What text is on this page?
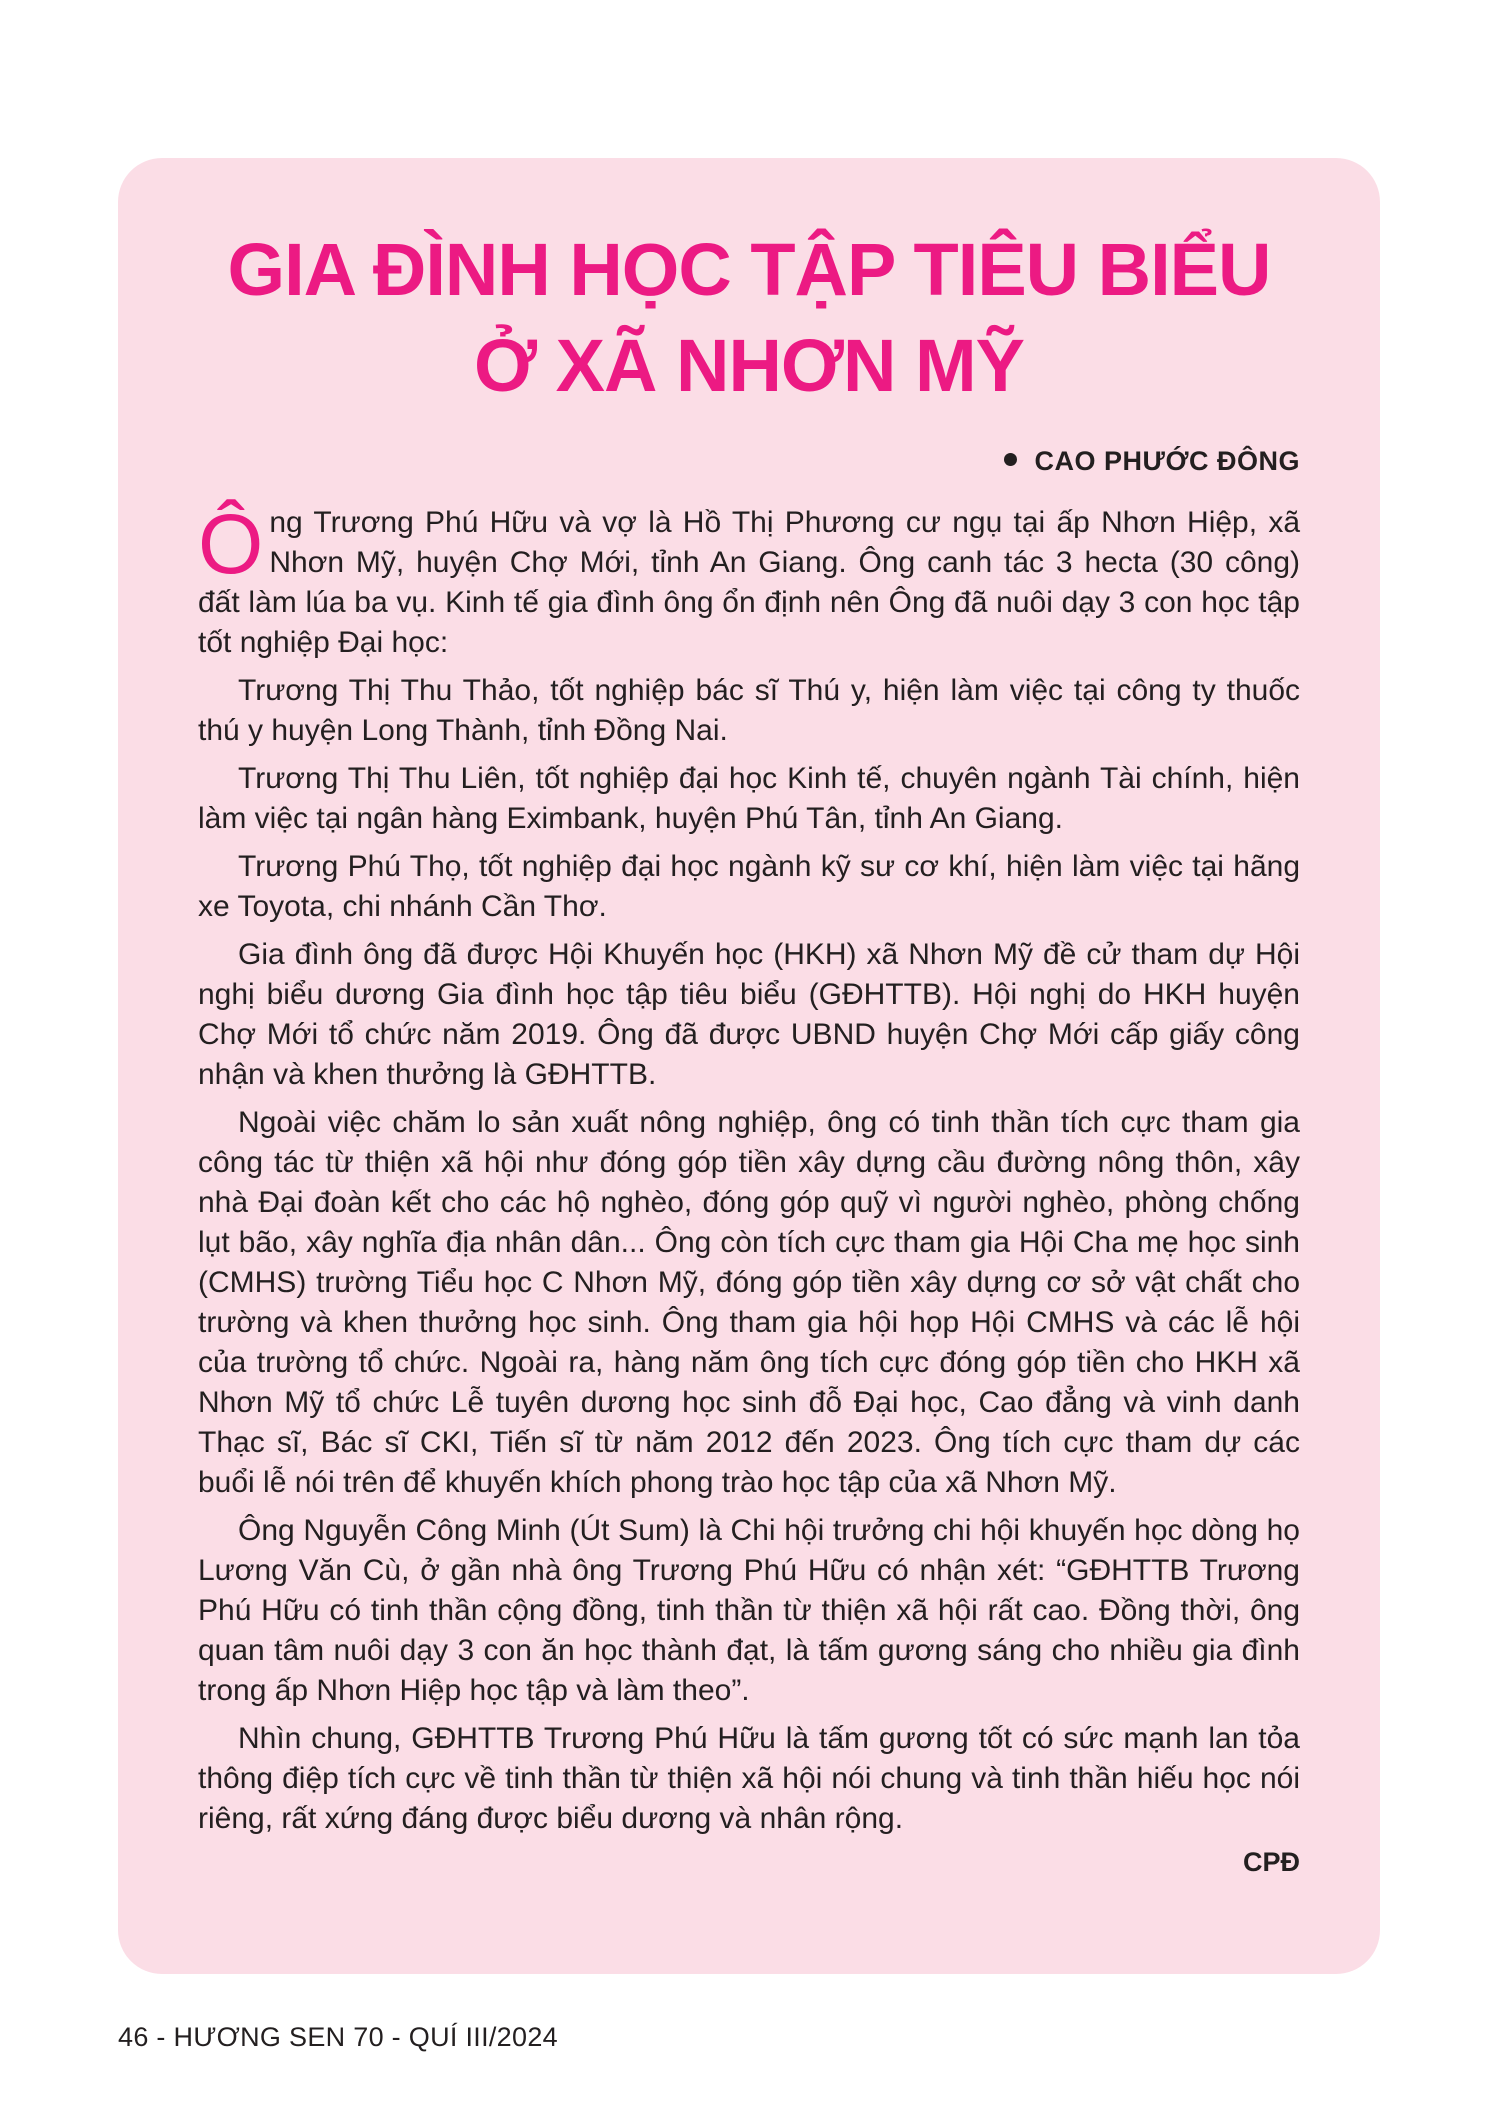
GIA ĐÌNH HỌC TẬP TIÊU BIỂU
Ở XÃ NHƠN MỸ
CAO PHƯỚC ĐÔNG

Ông Trương Phú Hữu và vợ là Hồ Thị Phương cư ngụ tại ấp Nhơn Hiệp, xã Nhơn Mỹ, huyện Chợ Mới, tỉnh An Giang. Ông canh tác 3 hecta (30 công) đất làm lúa ba vụ. Kinh tế gia đình ông ổn định nên Ông đã nuôi dạy 3 con học tập tốt nghiệp Đại học:

Trương Thị Thu Thảo, tốt nghiệp bác sĩ Thú y, hiện làm việc tại công ty thuốc thú y huyện Long Thành, tỉnh Đồng Nai.

Trương Thị Thu Liên, tốt nghiệp đại học Kinh tế, chuyên ngành Tài chính, hiện làm việc tại ngân hàng Eximbank, huyện Phú Tân, tỉnh An Giang.

Trương Phú Thọ, tốt nghiệp đại học ngành kỹ sư cơ khí, hiện làm việc tại hãng xe Toyota, chi nhánh Cần Thơ.

Gia đình ông đã được Hội Khuyến học (HKH) xã Nhơn Mỹ đề cử tham dự Hội nghị biểu dương Gia đình học tập tiêu biểu (GĐHTTB). Hội nghị do HKH huyện Chợ Mới tổ chức năm 2019. Ông đã được UBND huyện Chợ Mới cấp giấy công nhận và khen thưởng là GĐHTTB.

Ngoài việc chăm lo sản xuất nông nghiệp, ông có tinh thần tích cực tham gia công tác từ thiện xã hội như đóng góp tiền xây dựng cầu đường nông thôn, xây nhà Đại đoàn kết cho các hộ nghèo, đóng góp quỹ vì người nghèo, phòng chống lụt bão, xây nghĩa địa nhân dân... Ông còn tích cực tham gia Hội Cha mẹ học sinh (CMHS) trường Tiểu học C Nhơn Mỹ, đóng góp tiền xây dựng cơ sở vật chất cho trường và khen thưởng học sinh. Ông tham gia hội họp Hội CMHS và các lễ hội của trường tổ chức. Ngoài ra, hàng năm ông tích cực đóng góp tiền cho HKH xã Nhơn Mỹ tổ chức Lễ tuyên dương học sinh đỗ Đại học, Cao đẳng và vinh danh Thạc sĩ, Bác sĩ CKI, Tiến sĩ từ năm 2012 đến 2023. Ông tích cực tham dự các buổi lễ nói trên để khuyến khích phong trào học tập của xã Nhơn Mỹ.

Ông Nguyễn Công Minh (Út Sum) là Chi hội trưởng chi hội khuyến học dòng họ Lương Văn Cù, ở gần nhà ông Trương Phú Hữu có nhận xét: “GĐHTTB Trương Phú Hữu có tinh thần cộng đồng, tinh thần từ thiện xã hội rất cao. Đồng thời, ông quan tâm nuôi dạy 3 con ăn học thành đạt, là tấm gương sáng cho nhiều gia đình trong ấp Nhơn Hiệp học tập và làm theo”.

Nhìn chung, GĐHTTB Trương Phú Hữu là tấm gương tốt có sức mạnh lan tỏa thông điệp tích cực về tinh thần từ thiện xã hội nói chung và tinh thần hiếu học nói riêng, rất xứng đáng được biểu dương và nhân rộng.

CPĐ
46 - HƯƠNG SEN 70 - QUÍ III/2024
